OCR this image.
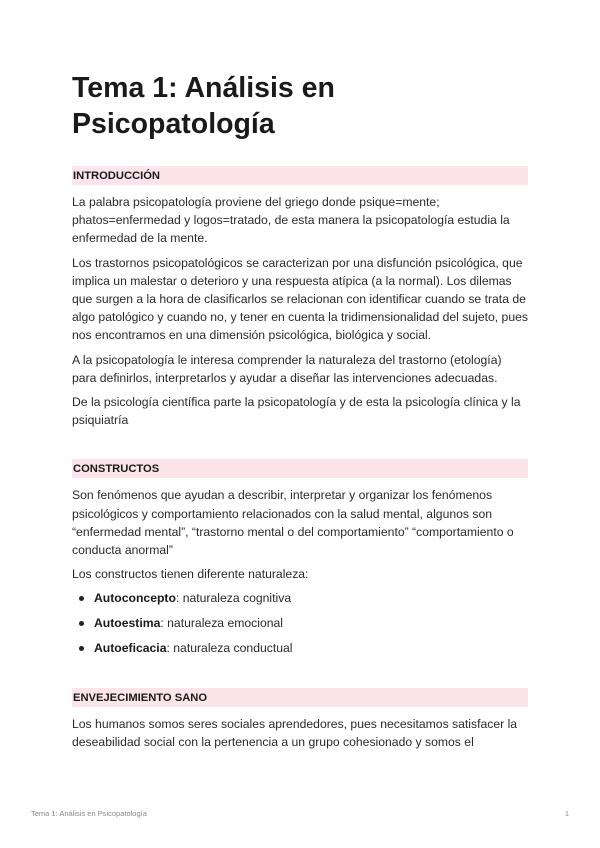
Tema 1: Análisis en Psicopatología
INTRODUCCIÓN

La palabra psicopatología proviene del griego donde psique=mente; phatos=enfermedad y logos=tratado, de esta manera la psicopatología estudia la enfermedad de la mente.

Los trastornos psicopatológicos se caracterizan por una disfunción psicológica, que implica un malestar o deterioro y una respuesta atípica (a la normal). Los dilemas que surgen a la hora de clasificarlos se relacionan con identificar cuando se trata de algo patológico y cuando no, y tener en cuenta la tridimensionalidad del sujeto, pues nos encontramos en una dimensión psicológica, biológica y social.

A la psicopatología le interesa comprender la naturaleza del trastorno (etología) para definirlos, interpretarlos y ayudar a diseñar las intervenciones adecuadas.

De la psicología científica parte la psicopatología y de esta la psicología clínica y la psiquiatría

CONSTRUCTOS

Son fenómenos que ayudan a describir, interpretar y organizar los fenómenos psicológicos y comportamiento relacionados con la salud mental, algunos son “enfermedad mental”, “trastorno mental o del comportamiento” “comportamiento o conducta anormal”

Los constructos tienen diferente naturaleza:

Autoconcepto: naturaleza cognitiva
Autoestima: naturaleza emocional
Autoeficacia: naturaleza conductual
ENVEJECIMIENTO SANO

Los humanos somos seres sociales aprendedores, pues necesitamos satisfacer la deseabilidad social con la pertenencia a un grupo cohesionado y somos el

Tema 1: Análisis en Psicopatología	1
